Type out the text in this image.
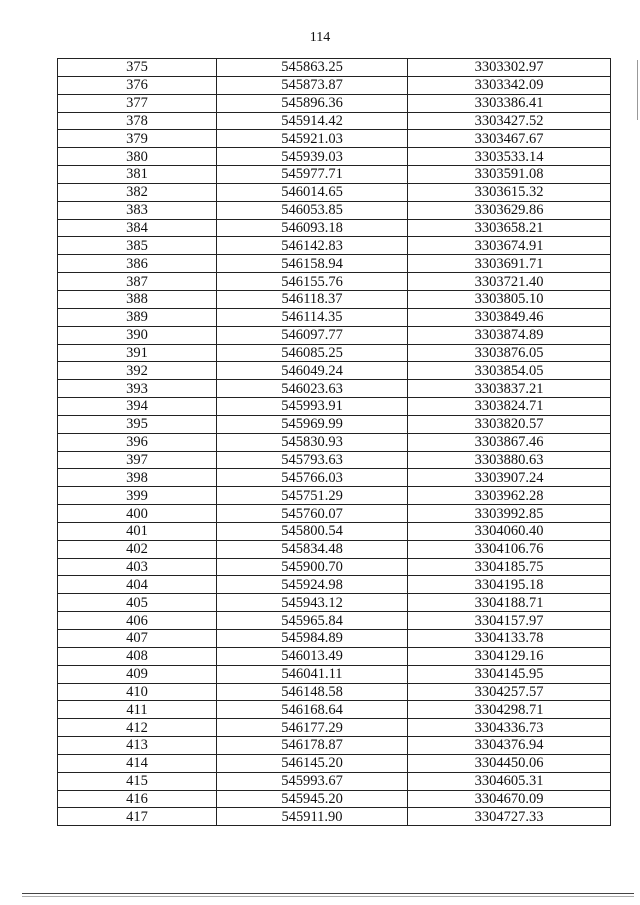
114
375	545863.25	3303302.97
376	545873.87	3303342.09
377	545896.36	3303386.41
378	545914.42	3303427.52
379	545921.03	3303467.67
380	545939.03	3303533.14
381	545977.71	3303591.08
382	546014.65	3303615.32
383	546053.85	3303629.86
384	546093.18	3303658.21
385	546142.83	3303674.91
386	546158.94	3303691.71
387	546155.76	3303721.40
388	546118.37	3303805.10
389	546114.35	3303849.46
390	546097.77	3303874.89
391	546085.25	3303876.05
392	546049.24	3303854.05
393	546023.63	3303837.21
394	545993.91	3303824.71
395	545969.99	3303820.57
396	545830.93	3303867.46
397	545793.63	3303880.63
398	545766.03	3303907.24
399	545751.29	3303962.28
400	545760.07	3303992.85
401	545800.54	3304060.40
402	545834.48	3304106.76
403	545900.70	3304185.75
404	545924.98	3304195.18
405	545943.12	3304188.71
406	545965.84	3304157.97
407	545984.89	3304133.78
408	546013.49	3304129.16
409	546041.11	3304145.95
410	546148.58	3304257.57
411	546168.64	3304298.71
412	546177.29	3304336.73
413	546178.87	3304376.94
414	546145.20	3304450.06
415	545993.67	3304605.31
416	545945.20	3304670.09
417	545911.90	3304727.33
